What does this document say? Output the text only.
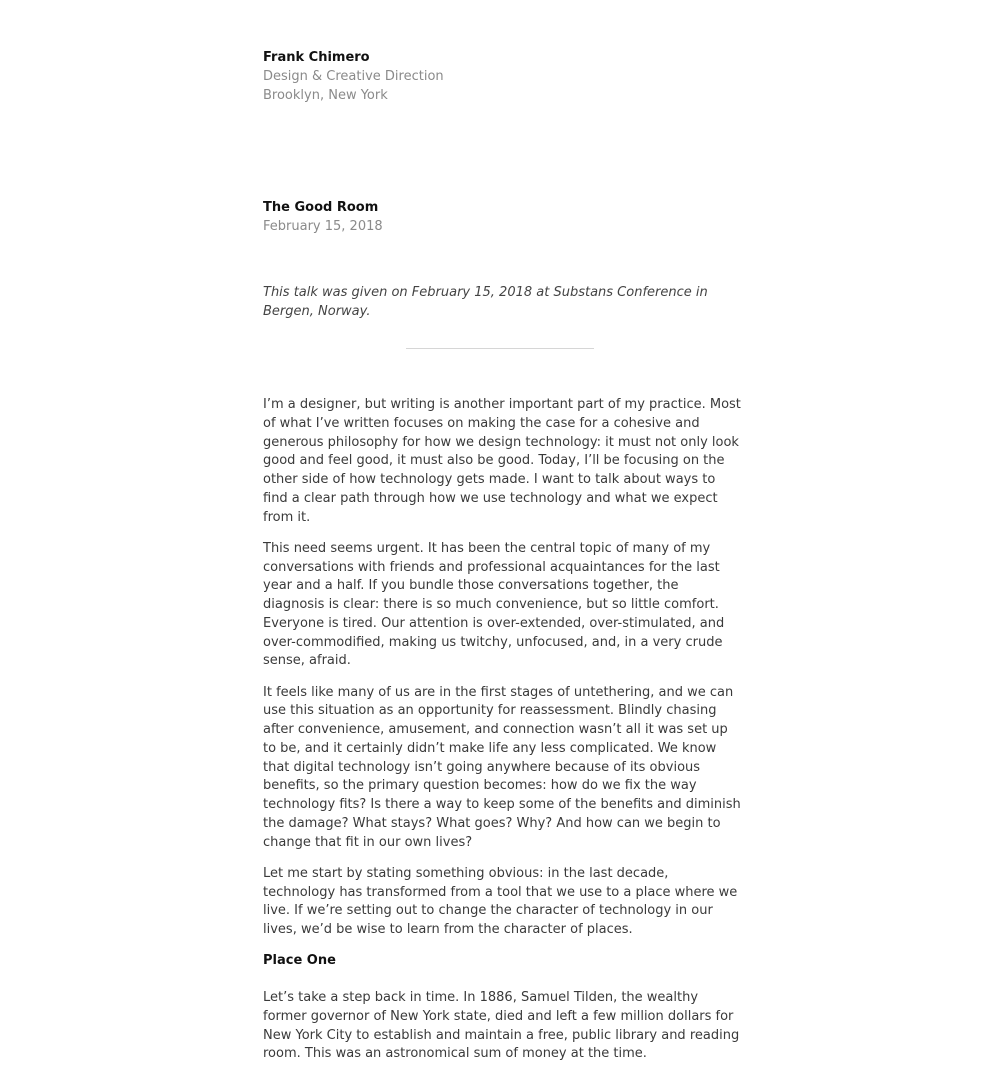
Frank Chimero
Design & Creative Direction
Brooklyn, New York
The Good Room
February 15, 2018
This talk was given on February 15, 2018 at Substans Conference in Bergen, Norway.

I’m a designer, but writing is another important part of my practice. Most of what I’ve written focuses on making the case for a cohesive and generous philosophy for how we design technology: it must not only look good and feel good, it must also be good. Today, I’ll be focusing on the other side of how technology gets made. I want to talk about ways to find a clear path through how we use technology and what we expect from it.

This need seems urgent. It has been the central topic of many of my conversations with friends and professional acquaintances for the last year and a half. If you bundle those conversations together, the diagnosis is clear: there is so much convenience, but so little comfort. Everyone is tired. Our attention is over-extended, over-stimulated, and over-commodified, making us twitchy, unfocused, and, in a very crude sense, afraid.

It feels like many of us are in the first stages of untethering, and we can use this situation as an opportunity for reassessment. Blindly chasing after convenience, amusement, and connection wasn’t all it was set up to be, and it certainly didn’t make life any less complicated. We know that digital technology isn’t going anywhere because of its obvious benefits, so the primary question becomes: how do we fix the way technology fits? Is there a way to keep some of the benefits and diminish the damage? What stays? What goes? Why? And how can we begin to change that fit in our own lives?

Let me start by stating something obvious: in the last decade, technology has transformed from a tool that we use to a place where we live. If we’re setting out to change the character of technology in our lives, we’d be wise to learn from the character of places.

Place One

Let’s take a step back in time. In 1886, Samuel Tilden, the wealthy former governor of New York state, died and left a few million dollars for New York City to establish and maintain a free, public library and reading room. This was an astronomical sum of money at the time.
